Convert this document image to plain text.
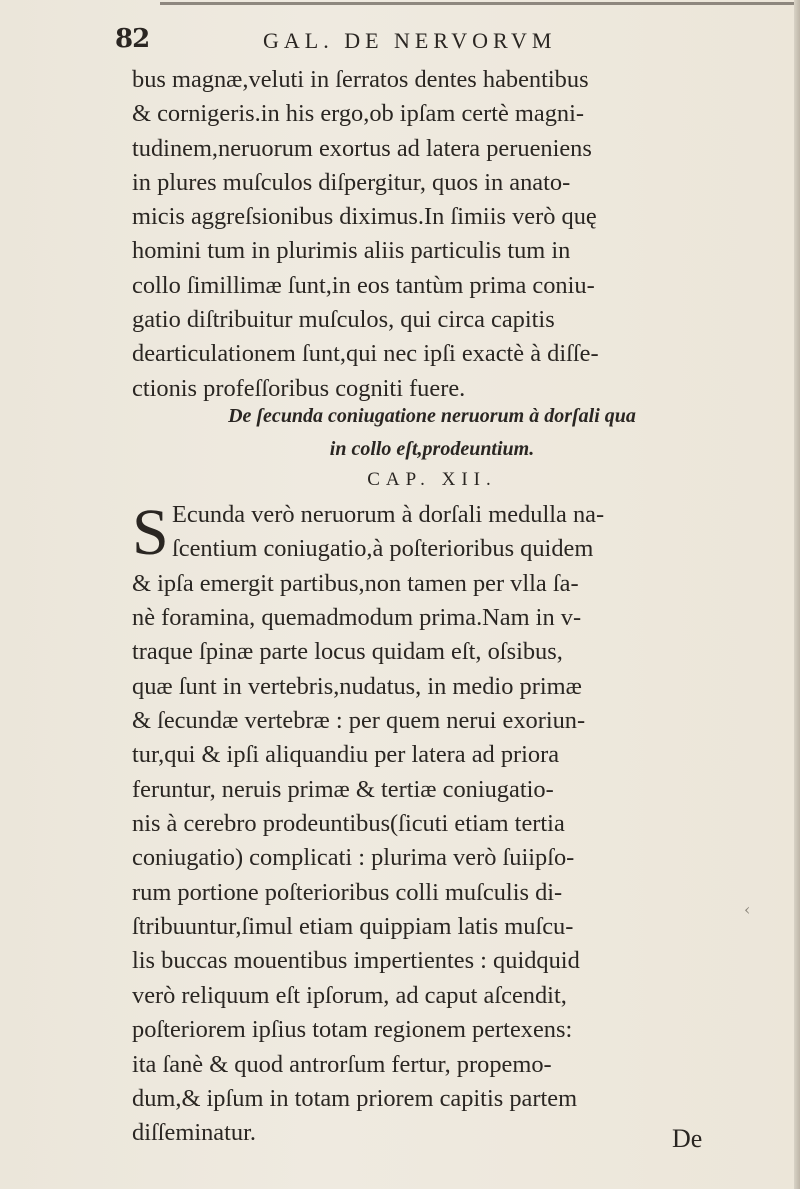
82	GAL. DE NERVORVM
bus magnæ,veluti in ſerratos dentes habentibus
& cornigeris.in his ergo,ob ipſam certè magni-
tudinem,neruorum exortus ad latera perueniens
in plures muſculos diſpergitur, quos in anato-
micis aggreſsionibus diximus.In ſimiis verò quę
homini tum in plurimis aliis particulis tum in
collo ſimillimæ ſunt,in eos tantùm prima coniu-
gatio diſtribuitur muſculos, qui circa capitis
dearticulationem ſunt,qui nec ipſi exactè à diſſe-
ctionis profeſſoribus cogniti fuere.
De ſecunda coniugatione neruorum à dorſali qua
in collo eſt,prodeuntium.
CAP. XII.
S Ecunda verò neruorum à dorſali medulla na-
ſcentium coniugatio,à poſterioribus quidem
& ipſa emergit partibus,non tamen per vlla ſa-
nè foramina, quemadmodum prima.Nam in v-
traque ſpinæ parte locus quidam eſt, oſsibus,
quæ ſunt in vertebris,nudatus, in medio primæ
& ſecundæ vertebræ : per quem nerui exoriun-
tur,qui & ipſi aliquandiu per latera ad priora
feruntur, neruis primæ & tertiæ coniugatio-
nis à cerebro prodeuntibus(ſicuti etiam tertia
coniugatio) complicati : plurima verò ſuiipſo-
rum portione poſterioribus colli muſculis di-
ſtribuuntur,ſimul etiam quippiam latis muſcu-
lis buccas mouentibus impertientes : quidquid
verò reliquum eſt ipſorum, ad caput aſcendit,
poſteriorem ipſius totam regionem pertexens:
ita ſanè & quod antrorſum fertur, propemo-
dum,& ipſum in totam priorem capitis partem
diſſeminatur.	De
‹
